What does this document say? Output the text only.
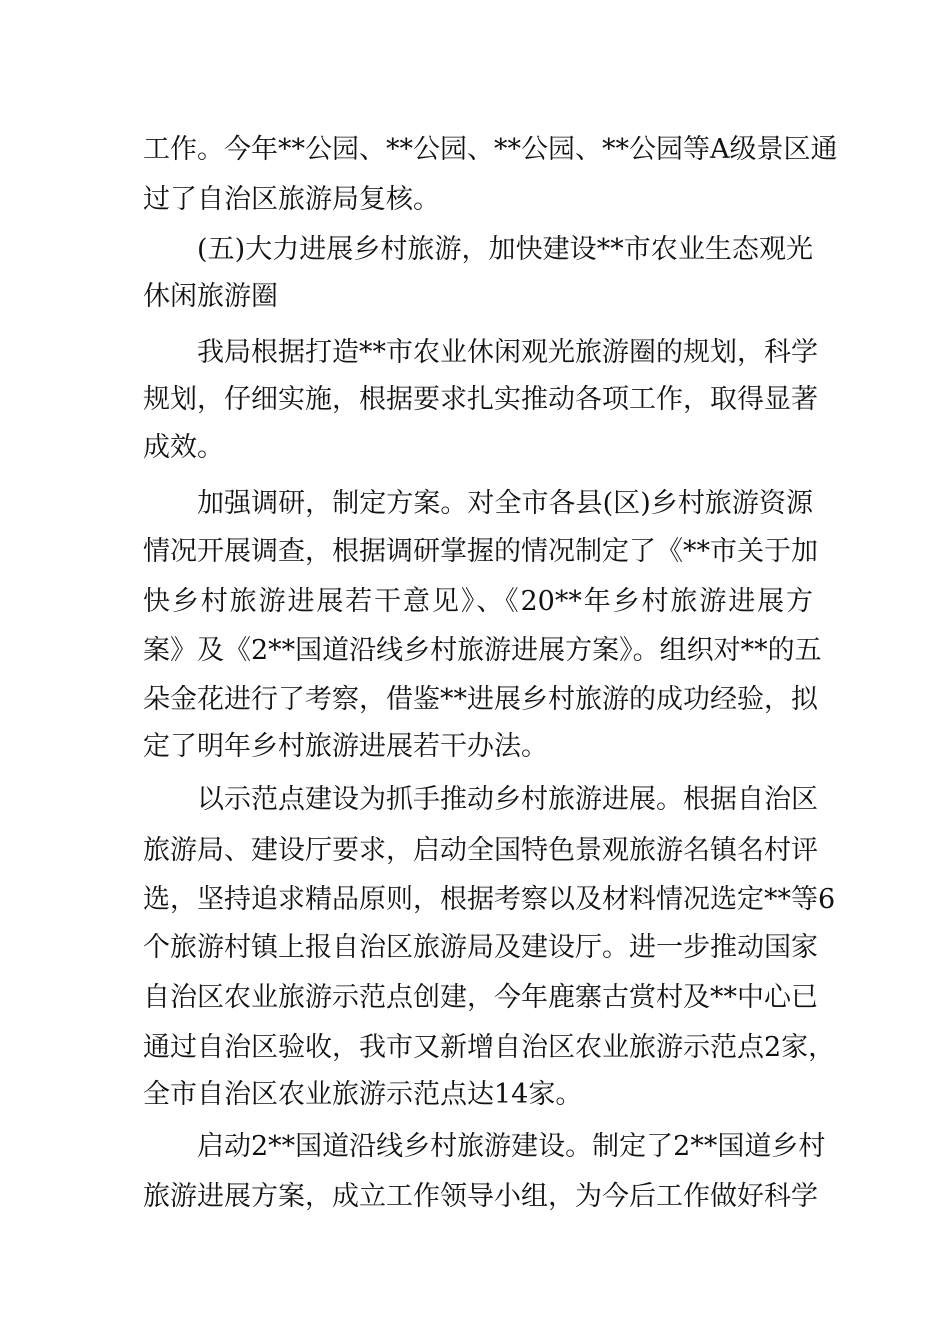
工作。今年**公园、**公园、**公园、**公园等A级景区通
过了自治区旅游局复核。
(五)大力进展乡村旅游，加快建设**市农业生态观光
休闲旅游圈
我局根据打造**市农业休闲观光旅游圈的规划，科学
规划，仔细实施，根据要求扎实推动各项工作，取得显著
成效。
加强调研，制定方案。对全市各县(区)乡村旅游资源
情况开展调查，根据调研掌握的情况制定了《**市关于加
快乡村旅游进展若干意见》、《20**年乡村旅游进展方
案》及《2**国道沿线乡村旅游进展方案》。组织对**的五
朵金花进行了考察，借鉴**进展乡村旅游的成功经验，拟
定了明年乡村旅游进展若干办法。
以示范点建设为抓手推动乡村旅游进展。根据自治区
旅游局、建设厅要求，启动全国特色景观旅游名镇名村评
选，坚持追求精品原则，根据考察以及材料情况选定**等6
个旅游村镇上报自治区旅游局及建设厅。进一步推动国家
自治区农业旅游示范点创建，今年鹿寨古赏村及**中心已
通过自治区验收，我市又新增自治区农业旅游示范点2家，
全市自治区农业旅游示范点达14家。
启动2**国道沿线乡村旅游建设。制定了2**国道乡村
旅游进展方案，成立工作领导小组，为今后工作做好科学
